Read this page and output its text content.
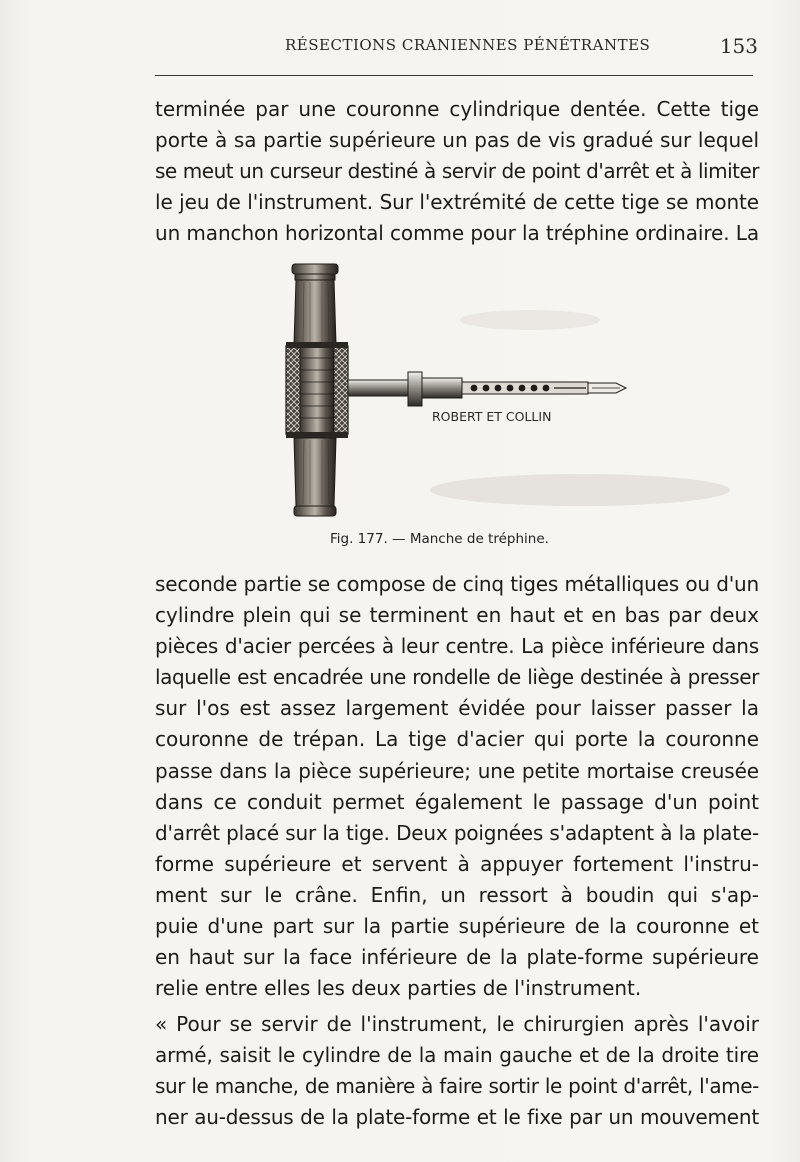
RÉSECTIONS CRANIENNES PÉNÉTRANTES	153
terminée par une couronne cylindrique dentée. Cette tige
porte à sa partie supérieure un pas de vis gradué sur lequel
se meut un curseur destiné à servir de point d'arrêt et à limiter
le jeu de l'instrument. Sur l'extrémité de cette tige se monte
un manchon horizontal comme pour la tréphine ordinaire. La
ROBERT ET COLLIN
Fig. 177. — Manche de tréphine.
seconde partie se compose de cinq tiges métalliques ou d'un
cylindre plein qui se terminent en haut et en bas par deux
pièces d'acier percées à leur centre. La pièce inférieure dans
laquelle est encadrée une rondelle de liège destinée à presser
sur l'os est assez largement évidée pour laisser passer la
couronne de trépan. La tige d'acier qui porte la couronne
passe dans la pièce supérieure; une petite mortaise creusée
dans ce conduit permet également le passage d'un point
d'arrêt placé sur la tige. Deux poignées s'adaptent à la plate-
forme supérieure et servent à appuyer fortement l'instru-
ment sur le crâne. Enfin, un ressort à boudin qui s'ap-
puie d'une part sur la partie supérieure de la couronne et
en haut sur la face inférieure de la plate-forme supérieure
relie entre elles les deux parties de l'instrument.
« Pour se servir de l'instrument, le chirurgien après l'avoir
armé, saisit le cylindre de la main gauche et de la droite tire
sur le manche, de manière à faire sortir le point d'arrêt, l'ame-
ner au-dessus de la plate-forme et le fixe par un mouvement
